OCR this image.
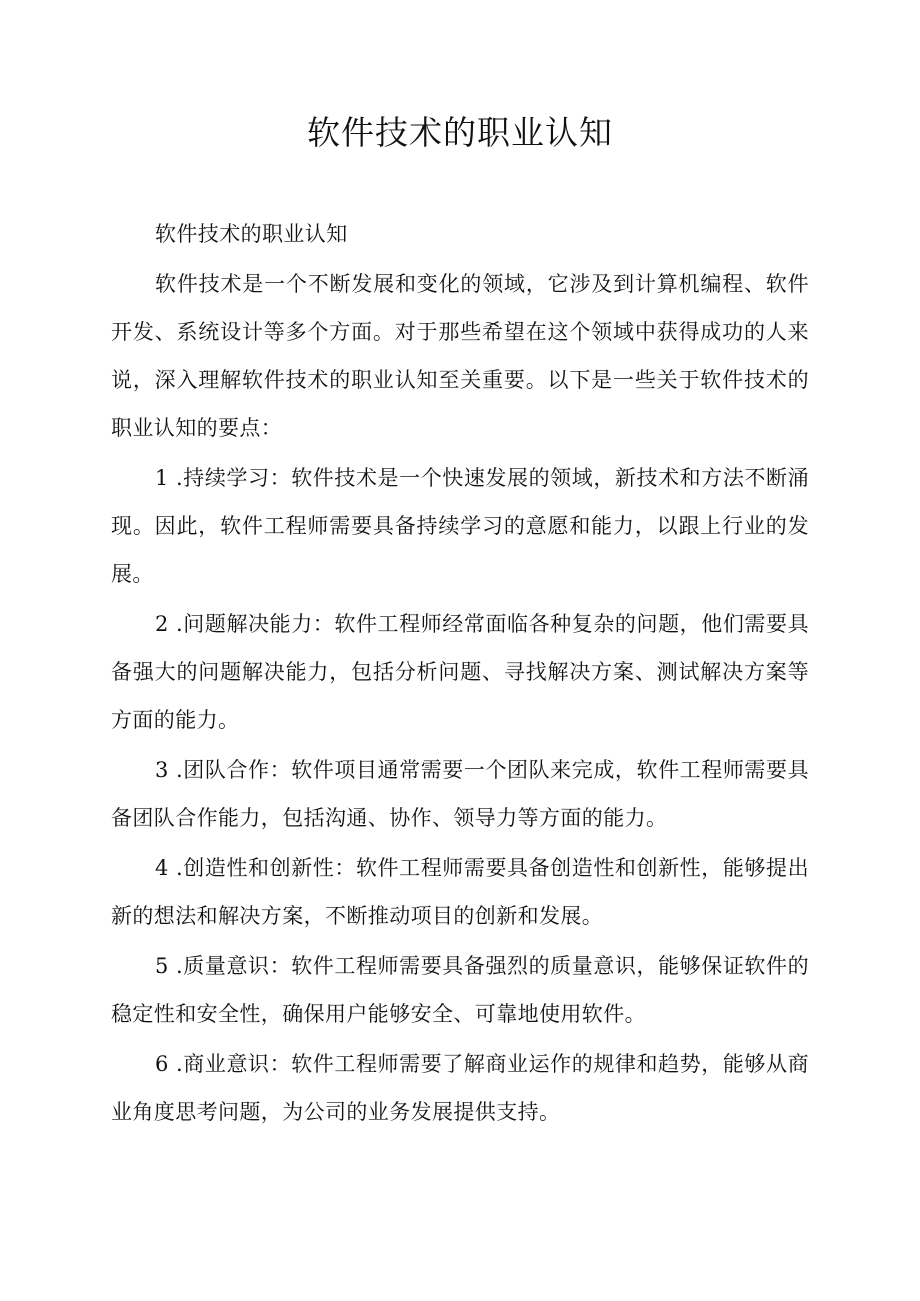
软件技术的职业认知

软件技术的职业认知

软件技术是一个不断发展和变化的领域，它涉及到计算机编程、软件开发、系统设计等多个方面。对于那些希望在这个领域中获得成功的人来说，深入理解软件技术的职业认知至关重要。以下是一些关于软件技术的职业认知的要点：

1 .持续学习：软件技术是一个快速发展的领域，新技术和方法不断涌现。因此，软件工程师需要具备持续学习的意愿和能力，以跟上行业的发展。

2 .问题解决能力：软件工程师经常面临各种复杂的问题，他们需要具备强大的问题解决能力，包括分析问题、寻找解决方案、测试解决方案等方面的能力。

3 .团队合作：软件项目通常需要一个团队来完成，软件工程师需要具备团队合作能力，包括沟通、协作、领导力等方面的能力。

4 .创造性和创新性：软件工程师需要具备创造性和创新性，能够提出新的想法和解决方案，不断推动项目的创新和发展。

5 .质量意识：软件工程师需要具备强烈的质量意识，能够保证软件的稳定性和安全性，确保用户能够安全、可靠地使用软件。

6 .商业意识：软件工程师需要了解商业运作的规律和趋势，能够从商业角度思考问题，为公司的业务发展提供支持。
